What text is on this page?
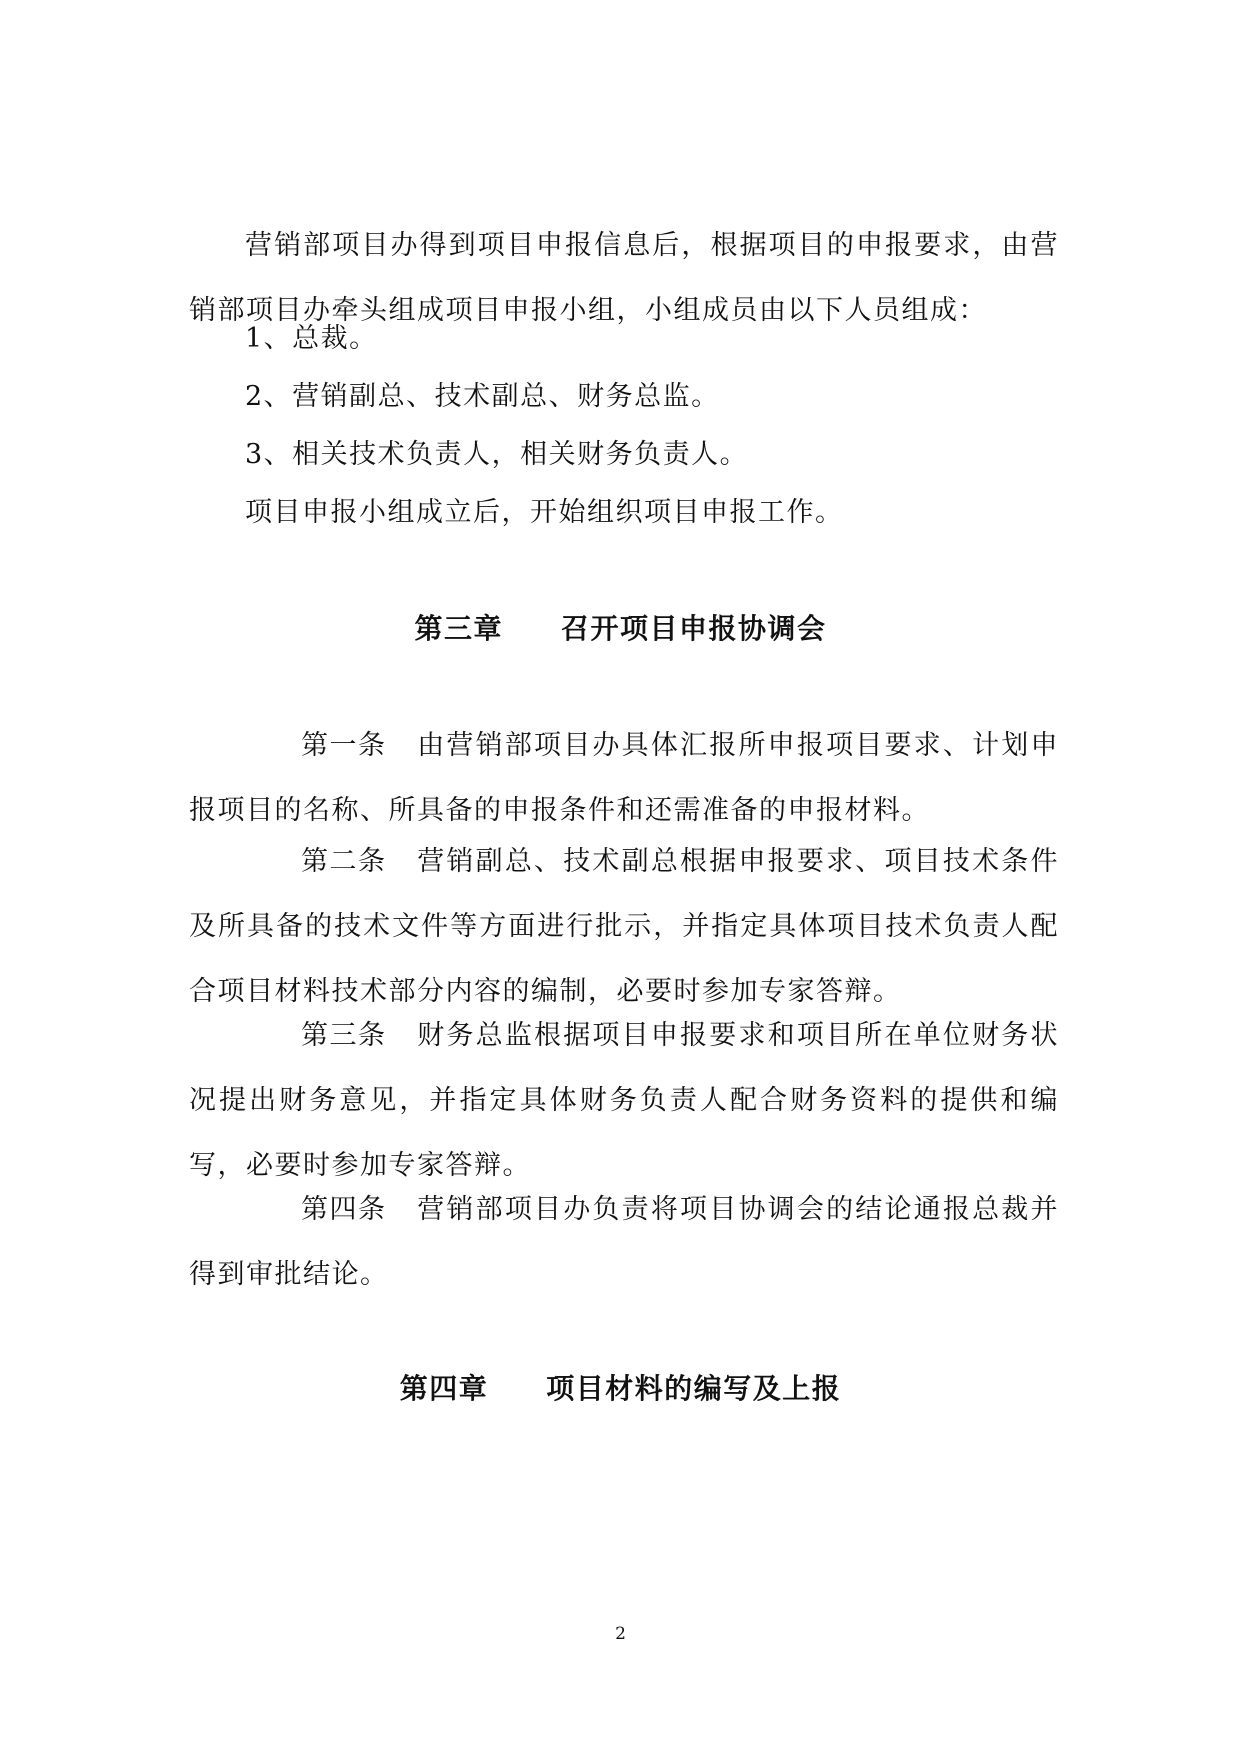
营销部项目办得到项目申报信息后，根据项目的申报要求，由营销部项目办牵头组成项目申报小组，小组成员由以下人员组成：

1、总裁。
2、营销副总、技术副总、财务总监。
3、相关技术负责人，相关财务负责人。

项目申报小组成立后，开始组织项目申报工作。

第三章 召开项目申报协调会

第一条 由营销部项目办具体汇报所申报项目要求、计划申报项目的名称、所具备的申报条件和还需准备的申报材料。

第二条 营销副总、技术副总根据申报要求、项目技术条件及所具备的技术文件等方面进行批示，并指定具体项目技术负责人配合项目材料技术部分内容的编制，必要时参加专家答辩。

第三条 财务总监根据项目申报要求和项目所在单位财务状况提出财务意见，并指定具体财务负责人配合财务资料的提供和编写，必要时参加专家答辩。

第四条 营销部项目办负责将项目协调会的结论通报总裁并得到审批结论。

第四章 项目材料的编写及上报
2
